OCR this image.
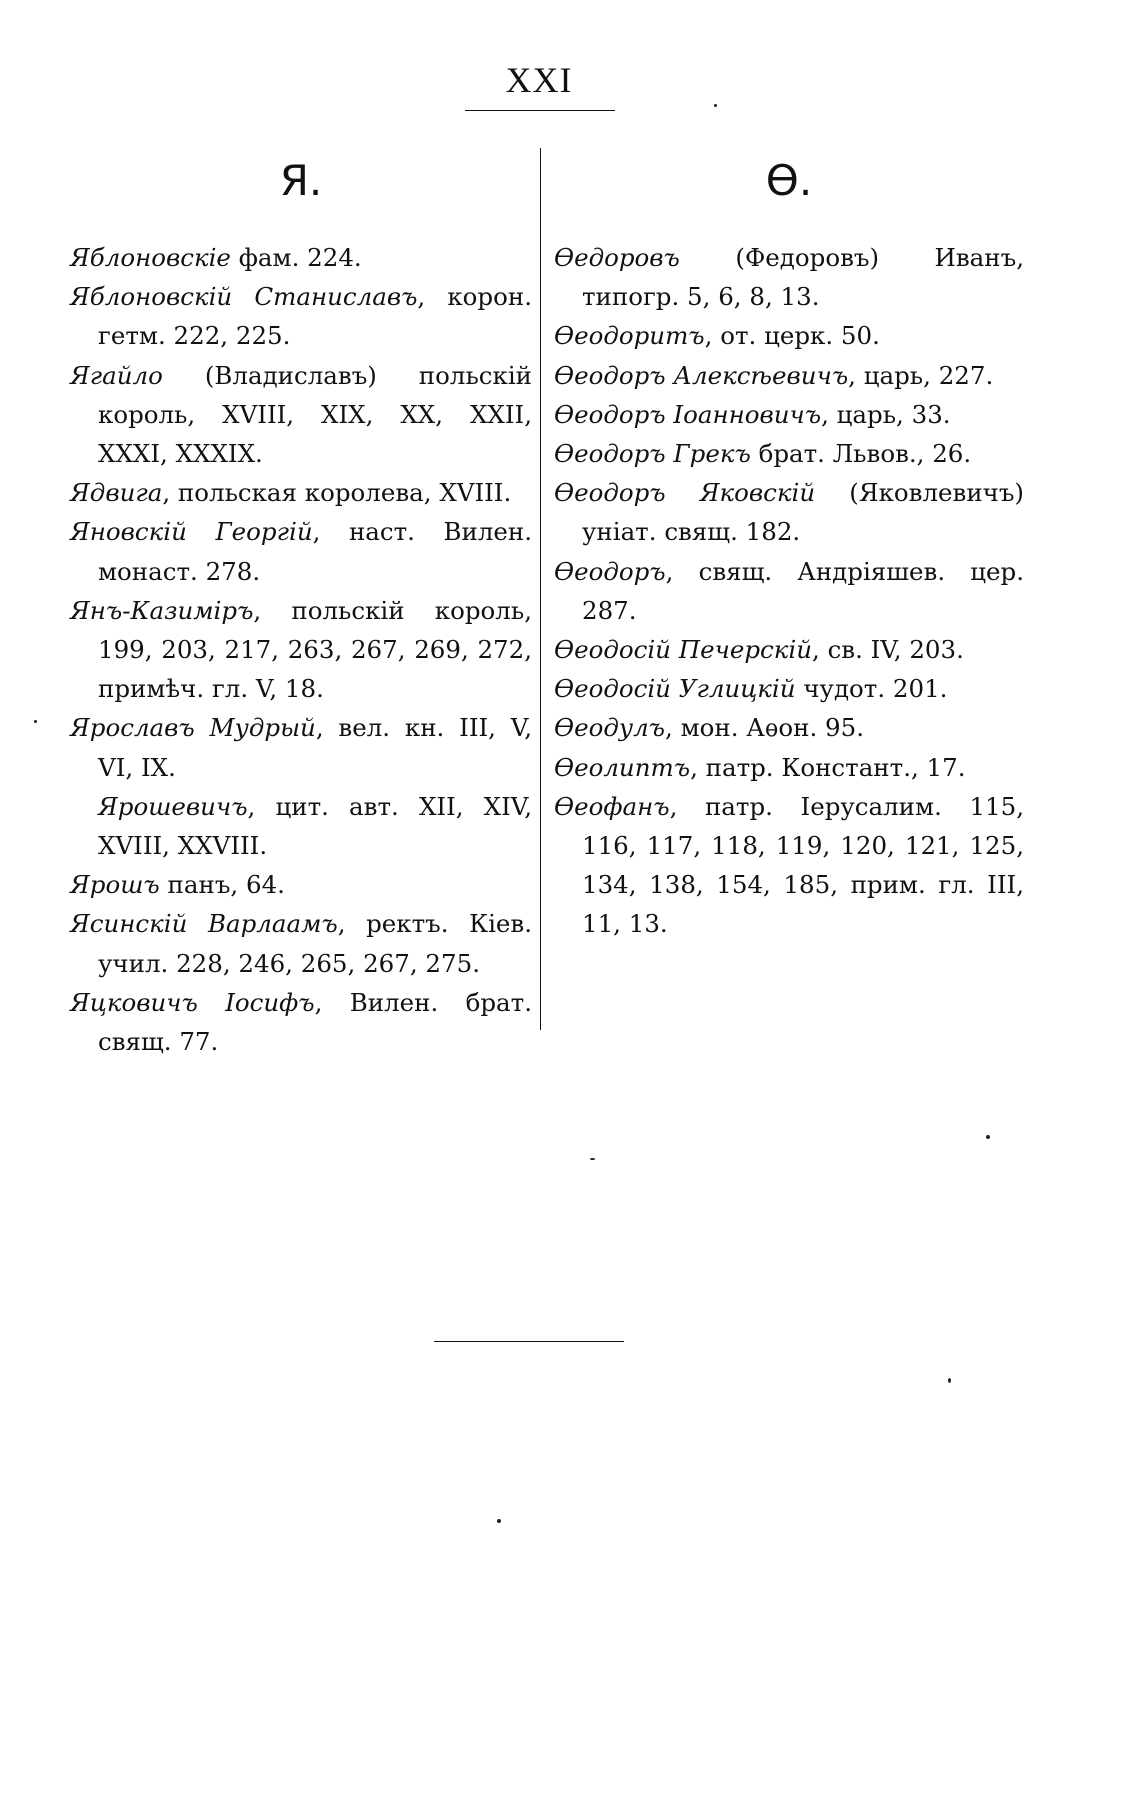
XXI
Я.
Яблоновскіе фам. 224.
Яблоновскій Станиславъ, корон. гетм. 222, 225.
Ягайло (Владиславъ) польскій король, XVIII, XIX, XX, XXII, XXXI, XXXIX.
Ядвига, польская королева, XVIII.
Яновскій Георгій, наст. Вилен. монаст. 278.
Янъ-Казиміръ, польскій король, 199, 203, 217, 263, 267, 269, 272, примѣч. гл. V, 18.
Ярославъ Мудрый, вел. кн. III, V, VI, IX.
Ярошевичъ, цит. авт. XII, XIV, XVIII, XXVIII.
Ярошъ панъ, 64.
Ясинскій Варлаамъ, ректъ. Кіев. учил. 228, 246, 265, 267, 275.
Яцковичъ Іосифъ, Вилен. брат. свящ. 77.
Ѳ.
Ѳедоровъ (Федоровъ) Иванъ, типогр. 5, 6, 8, 13.
Ѳеодоритъ, от. церк. 50.
Ѳеодоръ Алексѣевичъ, царь, 227.
Ѳеодоръ Іоанновичъ, царь, 33.
Ѳеодоръ Грекъ брат. Львов., 26.
Ѳеодоръ Яковскій (Яковлевичъ) уніат. свящ. 182.
Ѳеодоръ, свящ. Андріяшев. цер. 287.
Ѳеодосій Печерскій, св. IV, 203.
Ѳеодосій Углицкій чудот. 201.
Ѳеодулъ, мон. Аѳон. 95.
Ѳеолиптъ, патр. Констант., 17.
Ѳеофанъ, патр. Іерусалим. 115, 116, 117, 118, 119, 120, 121, 125, 134, 138, 154, 185, прим. гл. III, 11, 13.
